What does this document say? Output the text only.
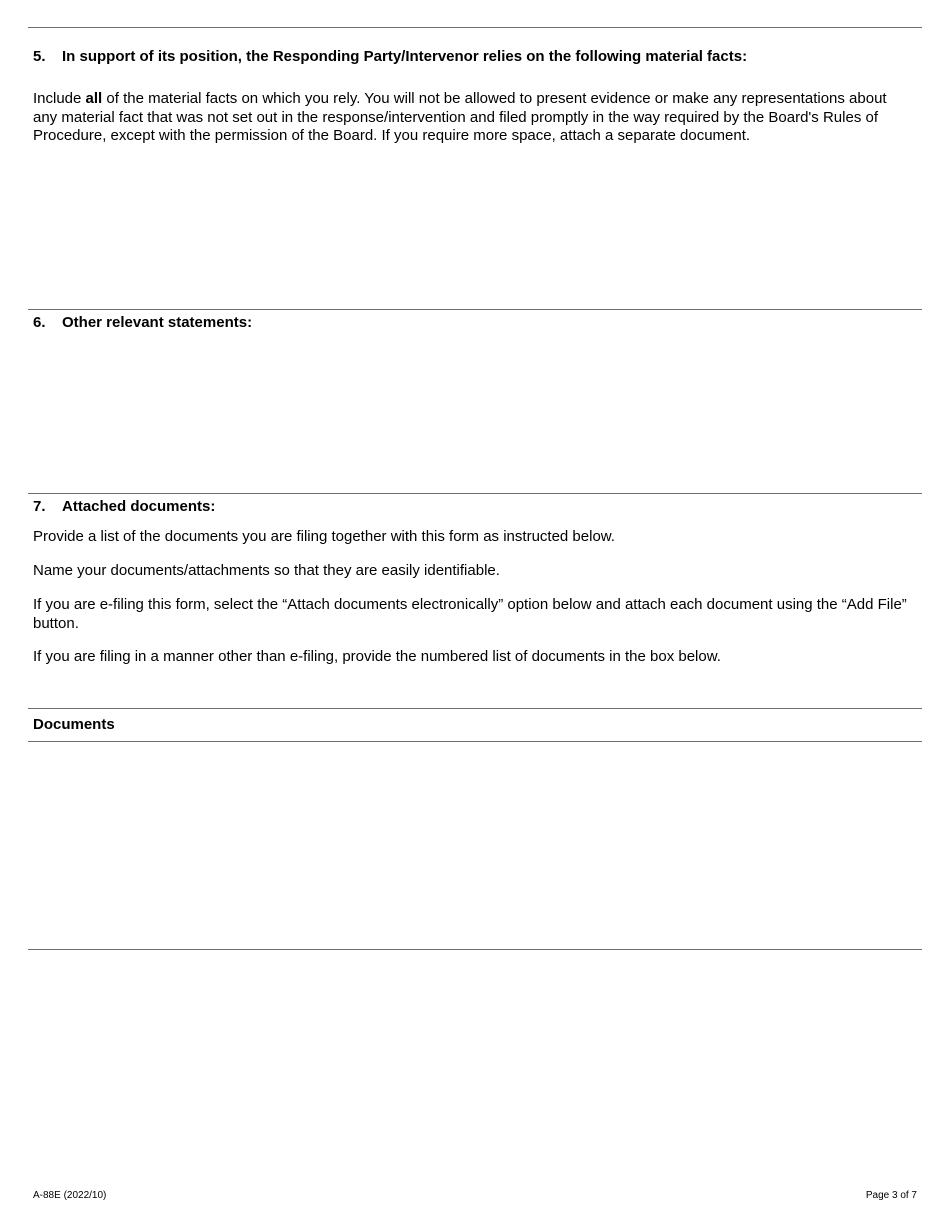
5. In support of its position, the Responding Party/Intervenor relies on the following material facts:
Include all of the material facts on which you rely. You will not be allowed to present evidence or make any representations about any material fact that was not set out in the response/intervention and filed promptly in the way required by the Board's Rules of Procedure, except with the permission of the Board. If you require more space, attach a separate document.
6. Other relevant statements:
7. Attached documents:
Provide a list of the documents you are filing together with this form as instructed below.
Name your documents/attachments so that they are easily identifiable.
If you are e-filing this form, select the “Attach documents electronically” option below and attach each document using the “Add File” button.
If you are filing in a manner other than e-filing, provide the numbered list of documents in the box below.
Documents
A-88E (2022/10)	Page 3 of 7
